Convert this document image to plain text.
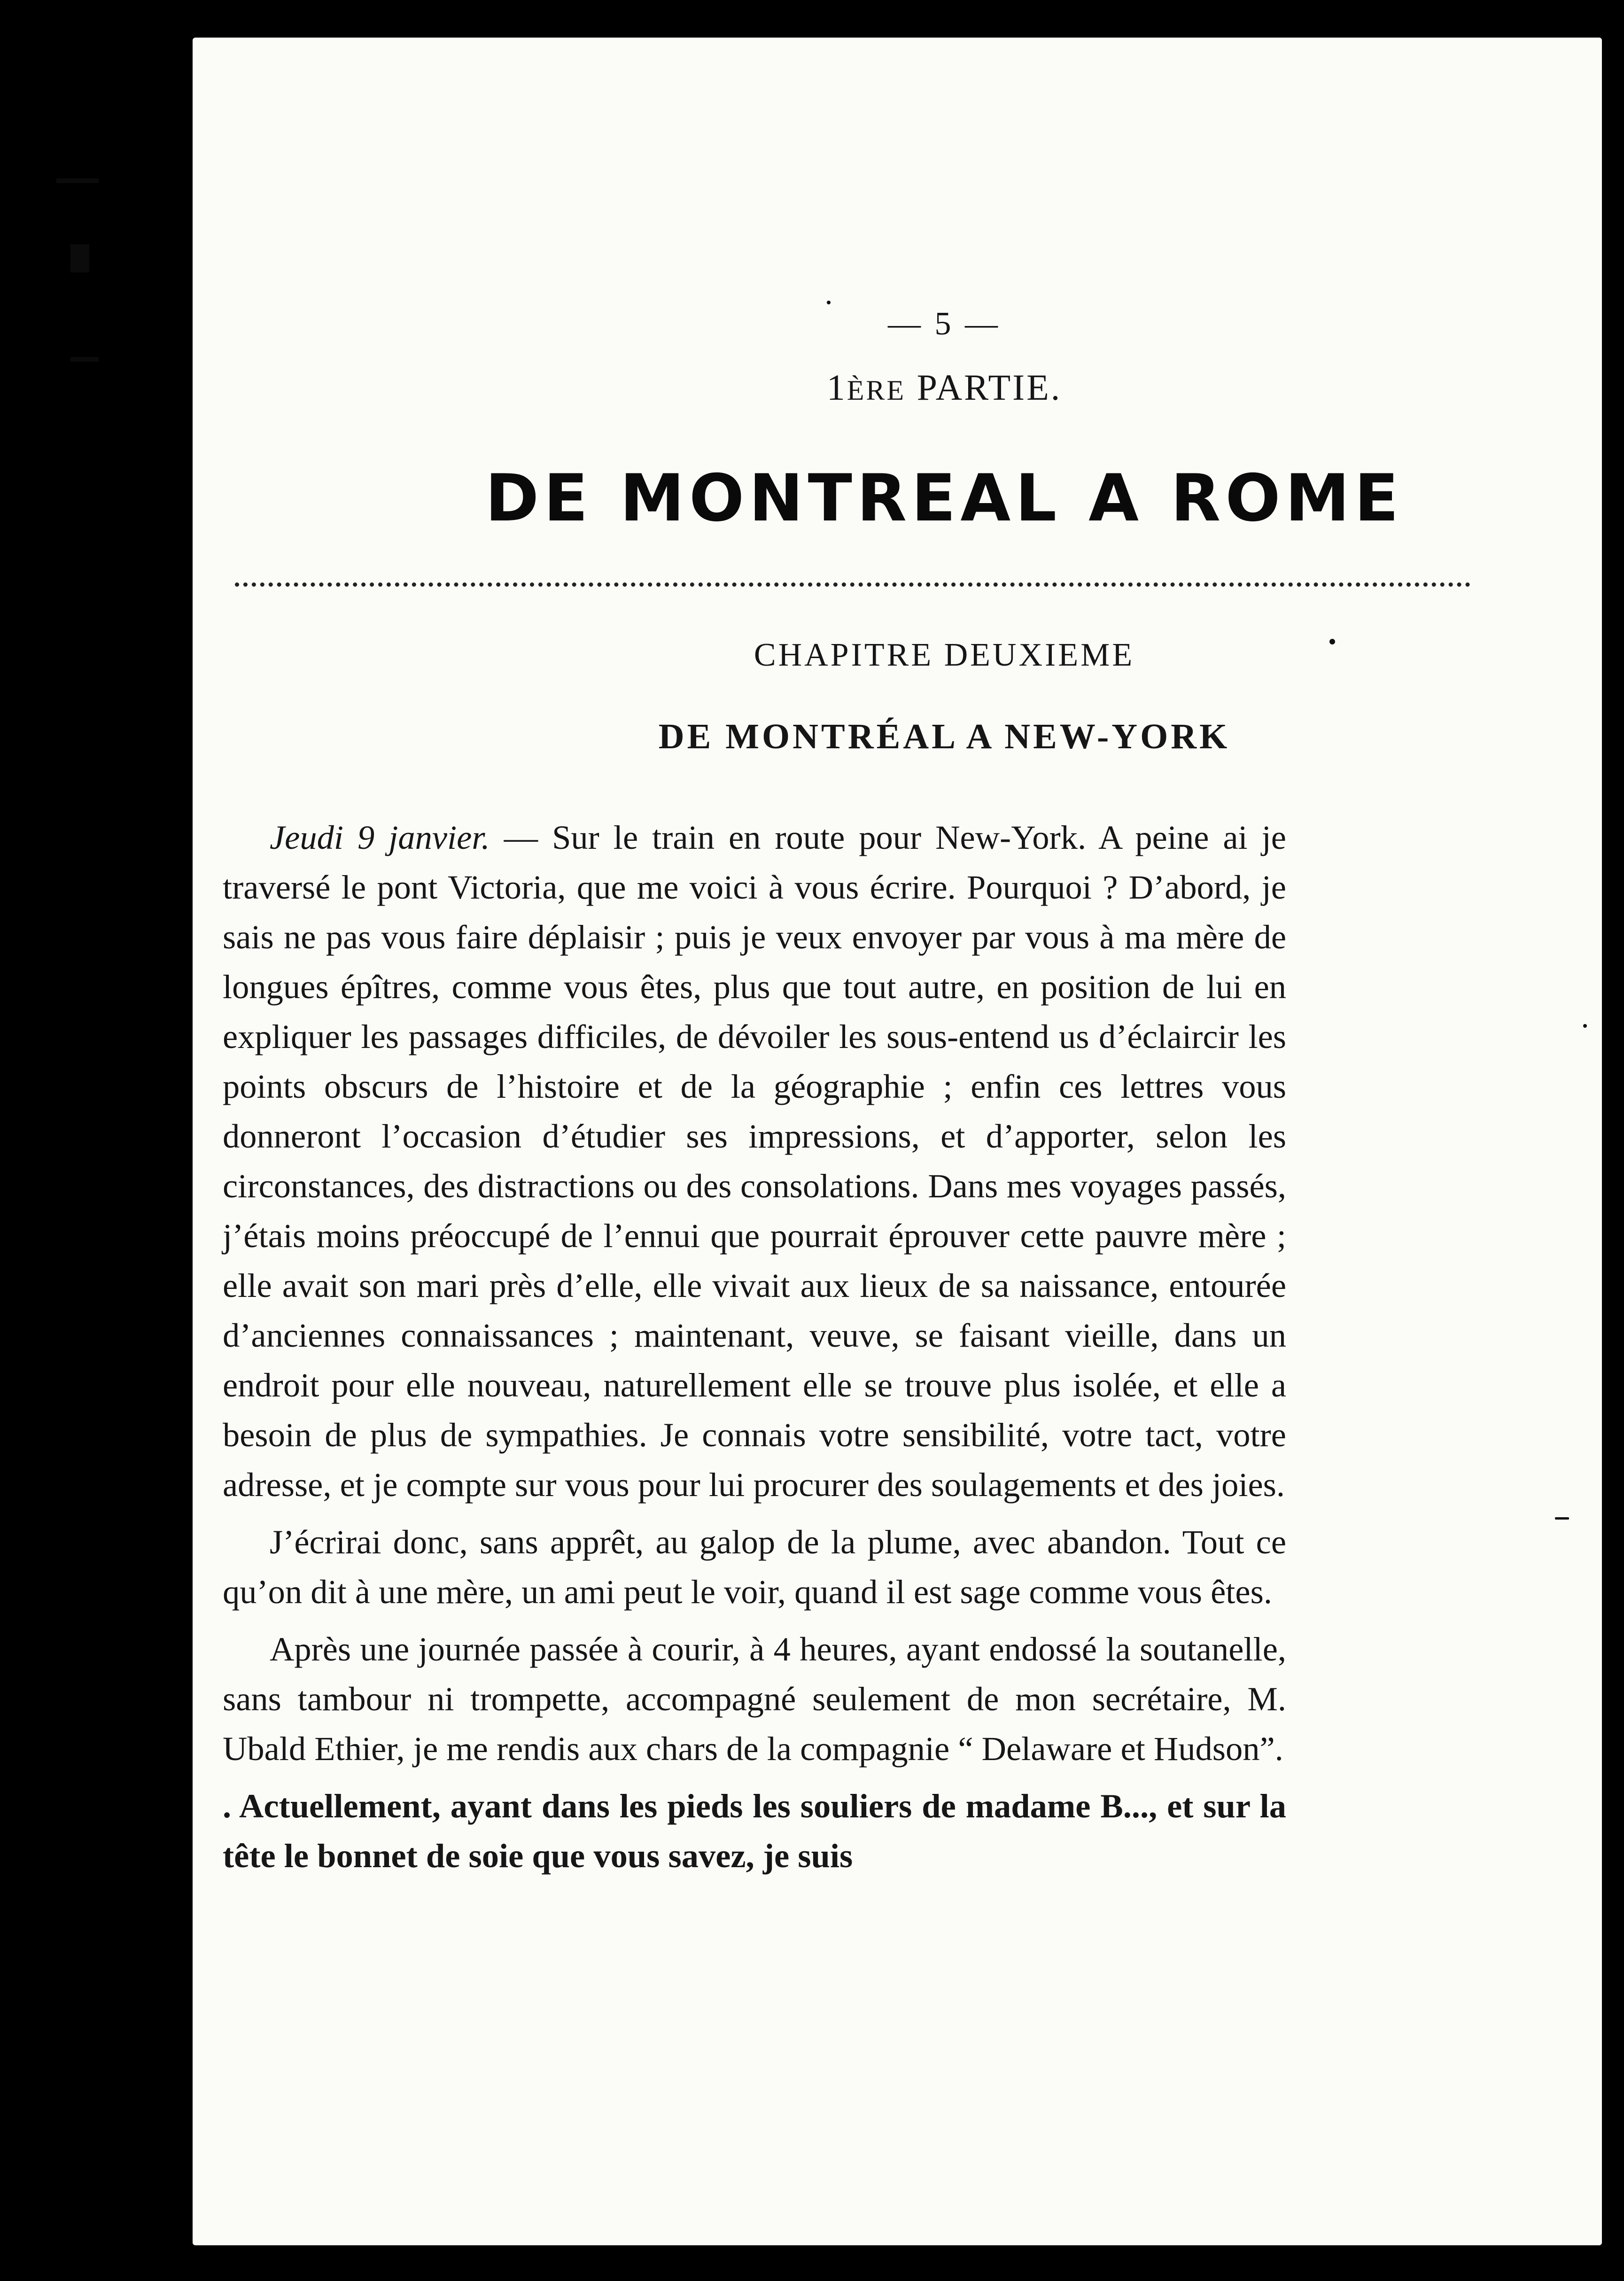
— 5 —
1ÈRE PARTIE.
DE MONTREAL A ROME
CHAPITRE DEUXIEME
DE MONTRÉAL A NEW-YORK

Jeudi 9 janvier. — Sur le train en route pour New-York. A peine ai je traversé le pont Victoria, que me voici à vous écrire. Pourquoi ? D’abord, je sais ne pas vous faire déplaisir ; puis je veux envoyer par vous à ma mère de longues épîtres, comme vous êtes, plus que tout autre, en position de lui en expliquer les passages difficiles, de dévoiler les sous-entend us d’éclaircir les points obscurs de l’histoire et de la géographie ; enfin ces lettres vous donneront l’occasion d’étudier ses impressions, et d’apporter, selon les circonstances, des distractions ou des consolations. Dans mes voyages passés, j’étais moins préoccupé de l’ennui que pourrait éprouver cette pauvre mère ; elle avait son mari près d’elle, elle vivait aux lieux de sa naissance, entourée d’anciennes connaissances ; maintenant, veuve, se faisant vieille, dans un endroit pour elle nouveau, naturellement elle se trouve plus isolée, et elle a besoin de plus de sympathies. Je connais votre sensibilité, votre tact, votre adresse, et je compte sur vous pour lui procurer des soulagements et des joies.

J’écrirai donc, sans apprêt, au galop de la plume, avec abandon. Tout ce qu’on dit à une mère, un ami peut le voir, quand il est sage comme vous êtes.

Après une journée passée à courir, à 4 heures, ayant endossé la soutanelle, sans tambour ni trompette, accompagné seulement de mon secrétaire, M. Ubald Ethier, je me rendis aux chars de la compagnie “ Delaware et Hudson”.

. Actuellement, ayant dans les pieds les souliers de madame B..., et sur la tête le bonnet de soie que vous savez, je suis
